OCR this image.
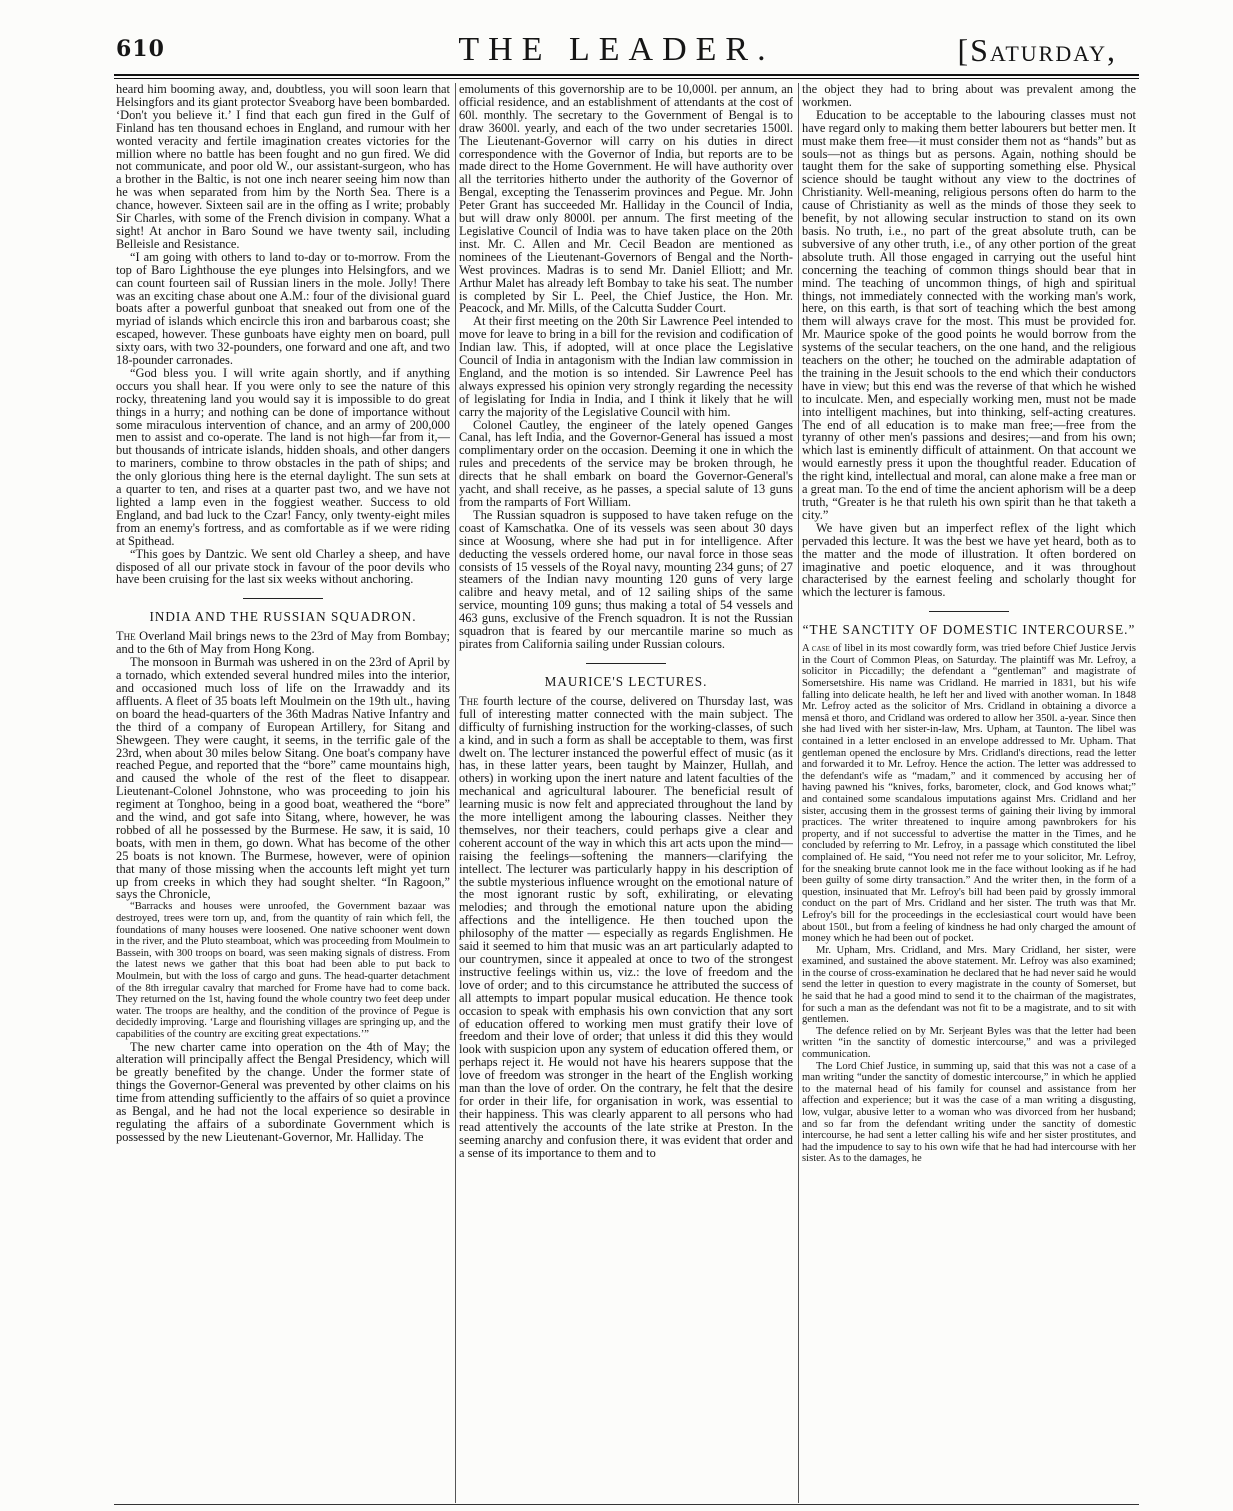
610	THE LEADER.	[Saturday,

heard him booming away, and, doubtless, you will soon learn that Helsingfors and its giant protector Sveaborg have been bombarded. ‘Don't you believe it.’ I find that each gun fired in the Gulf of Finland has ten thousand echoes in England, and rumour with her wonted veracity and fertile imagination creates victories for the million where no battle has been fought and no gun fired. We did not communicate, and poor old W., our assistant-surgeon, who has a brother in the Baltic, is not one inch nearer seeing him now than he was when separated from him by the North Sea. There is a chance, however. Sixteen sail are in the offing as I write; probably Sir Charles, with some of the French division in company. What a sight! At anchor in Baro Sound we have twenty sail, including Belleisle and Resistance.

“I am going with others to land to-day or to-morrow. From the top of Baro Lighthouse the eye plunges into Helsingfors, and we can count fourteen sail of Russian liners in the mole. Jolly! There was an exciting chase about one A.M.: four of the divisional guard boats after a powerful gunboat that sneaked out from one of the myriad of islands which encircle this iron and barbarous coast; she escaped, however. These gunboats have eighty men on board, pull sixty oars, with two 32-pounders, one forward and one aft, and two 18-pounder carronades.

“God bless you. I will write again shortly, and if anything occurs you shall hear. If you were only to see the nature of this rocky, threatening land you would say it is impossible to do great things in a hurry; and nothing can be done of importance without some miraculous intervention of chance, and an army of 200,000 men to assist and co-operate. The land is not high—far from it,—but thousands of intricate islands, hidden shoals, and other dangers to mariners, combine to throw obstacles in the path of ships; and the only glorious thing here is the eternal daylight. The sun sets at a quarter to ten, and rises at a quarter past two, and we have not lighted a lamp even in the foggiest weather. Success to old England, and bad luck to the Czar! Fancy, only twenty-eight miles from an enemy's fortress, and as comfortable as if we were riding at Spithead.

“This goes by Dantzic. We sent old Charley a sheep, and have disposed of all our private stock in favour of the poor devils who have been cruising for the last six weeks without anchoring.

INDIA AND THE RUSSIAN SQUADRON.

The Overland Mail brings news to the 23rd of May from Bombay; and to the 6th of May from Hong Kong.

The monsoon in Burmah was ushered in on the 23rd of April by a tornado, which extended several hundred miles into the interior, and occasioned much loss of life on the Irrawaddy and its affluents. A fleet of 35 boats left Moulmein on the 19th ult., having on board the head-quarters of the 36th Madras Native Infantry and the third of a company of European Artillery, for Sitang and Shewgeen. They were caught, it seems, in the terrific gale of the 23rd, when about 30 miles below Sitang. One boat's company have reached Pegue, and reported that the “bore” came mountains high, and caused the whole of the rest of the fleet to disappear. Lieutenant-Colonel Johnstone, who was proceeding to join his regiment at Tonghoo, being in a good boat, weathered the “bore” and the wind, and got safe into Sitang, where, however, he was robbed of all he possessed by the Burmese. He saw, it is said, 10 boats, with men in them, go down. What has become of the other 25 boats is not known. The Burmese, however, were of opinion that many of those missing when the accounts left might yet turn up from creeks in which they had sought shelter. “In Ragoon,” says the Chronicle,

“Barracks and houses were unroofed, the Government bazaar was destroyed, trees were torn up, and, from the quantity of rain which fell, the foundations of many houses were loosened. One native schooner went down in the river, and the Pluto steamboat, which was proceeding from Moulmein to Bassein, with 300 troops on board, was seen making signals of distress. From the latest news we gather that this boat had been able to put back to Moulmein, but with the loss of cargo and guns. The head-quarter detachment of the 8th irregular cavalry that marched for Frome have had to come back. They returned on the 1st, having found the whole country two feet deep under water. The troops are healthy, and the condition of the province of Pegue is decidedly improving. ‘Large and flourishing villages are springing up, and the capabilities of the country are exciting great expectations.’”

The new charter came into operation on the 4th of May; the alteration will principally affect the Bengal Presidency, which will be greatly benefited by the change. Under the former state of things the Governor-General was prevented by other claims on his time from attending sufficiently to the affairs of so quiet a province as Bengal, and he had not the local experience so desirable in regulating the affairs of a subordinate Government which is possessed by the new Lieutenant-Governor, Mr. Halliday. The

emoluments of this governorship are to be 10,000l. per annum, an official residence, and an establishment of attendants at the cost of 60l. monthly. The secretary to the Government of Bengal is to draw 3600l. yearly, and each of the two under secretaries 1500l. The Lieutenant-Governor will carry on his duties in direct correspondence with the Governor of India, but reports are to be made direct to the Home Government. He will have authority over all the territories hitherto under the authority of the Governor of Bengal, excepting the Tenasserim provinces and Pegue. Mr. John Peter Grant has succeeded Mr. Halliday in the Council of India, but will draw only 8000l. per annum. The first meeting of the Legislative Council of India was to have taken place on the 20th inst. Mr. C. Allen and Mr. Cecil Beadon are mentioned as nominees of the Lieutenant-Governors of Bengal and the North-West provinces. Madras is to send Mr. Daniel Elliott; and Mr. Arthur Malet has already left Bombay to take his seat. The number is completed by Sir L. Peel, the Chief Justice, the Hon. Mr. Peacock, and Mr. Mills, of the Calcutta Sudder Court.

At their first meeting on the 20th Sir Lawrence Peel intended to move for leave to bring in a bill for the revision and codification of Indian law. This, if adopted, will at once place the Legislative Council of India in antagonism with the Indian law commission in England, and the motion is so intended. Sir Lawrence Peel has always expressed his opinion very strongly regarding the necessity of legislating for India in India, and I think it likely that he will carry the majority of the Legislative Council with him.

Colonel Cautley, the engineer of the lately opened Ganges Canal, has left India, and the Governor-General has issued a most complimentary order on the occasion. Deeming it one in which the rules and precedents of the service may be broken through, he directs that he shall embark on board the Governor-General's yacht, and shall receive, as he passes, a special salute of 13 guns from the ramparts of Fort William.

The Russian squadron is supposed to have taken refuge on the coast of Kamschatka. One of its vessels was seen about 30 days since at Woosung, where she had put in for intelligence. After deducting the vessels ordered home, our naval force in those seas consists of 15 vessels of the Royal navy, mounting 234 guns; of 27 steamers of the Indian navy mounting 120 guns of very large calibre and heavy metal, and of 12 sailing ships of the same service, mounting 109 guns; thus making a total of 54 vessels and 463 guns, exclusive of the French squadron. It is not the Russian squadron that is feared by our mercantile marine so much as pirates from California sailing under Russian colours.

MAURICE'S LECTURES.

The fourth lecture of the course, delivered on Thursday last, was full of interesting matter connected with the main subject. The difficulty of furnishing instruction for the working-classes, of such a kind, and in such a form as shall be acceptable to them, was first dwelt on. The lecturer instanced the powerful effect of music (as it has, in these latter years, been taught by Mainzer, Hullah, and others) in working upon the inert nature and latent faculties of the mechanical and agricultural labourer. The beneficial result of learning music is now felt and appreciated throughout the land by the more intelligent among the labouring classes. Neither they themselves, nor their teachers, could perhaps give a clear and coherent account of the way in which this art acts upon the mind—raising the feelings—softening the manners—clarifying the intellect. The lecturer was particularly happy in his description of the subtle mysterious influence wrought on the emotional nature of the most ignorant rustic by soft, exhilirating, or elevating melodies; and through the emotional nature upon the abiding affections and the intelligence. He then touched upon the philosophy of the matter — especially as regards Englishmen. He said it seemed to him that music was an art particularly adapted to our countrymen, since it appealed at once to two of the strongest instructive feelings within us, viz.: the love of freedom and the love of order; and to this circumstance he attributed the success of all attempts to impart popular musical education. He thence took occasion to speak with emphasis his own conviction that any sort of education offered to working men must gratify their love of freedom and their love of order; that unless it did this they would look with suspicion upon any system of education offered them, or perhaps reject it. He would not have his hearers suppose that the love of freedom was stronger in the heart of the English working man than the love of order. On the contrary, he felt that the desire for order in their life, for organisation in work, was essential to their happiness. This was clearly apparent to all persons who had read attentively the accounts of the late strike at Preston. In the seeming anarchy and confusion there, it was evident that order and a sense of its importance to them and to

the object they had to bring about was prevalent among the workmen.

Education to be acceptable to the labouring classes must not have regard only to making them better labourers but better men. It must make them free—it must consider them not as “hands” but as souls—not as things but as persons. Again, nothing should be taught them for the sake of supporting something else. Physical science should be taught without any view to the doctrines of Christianity. Well-meaning, religious persons often do harm to the cause of Christianity as well as the minds of those they seek to benefit, by not allowing secular instruction to stand on its own basis. No truth, i.e., no part of the great absolute truth, can be subversive of any other truth, i.e., of any other portion of the great absolute truth. All those engaged in carrying out the useful hint concerning the teaching of common things should bear that in mind. The teaching of uncommon things, of high and spiritual things, not immediately connected with the working man's work, here, on this earth, is that sort of teaching which the best among them will always crave for the most. This must be provided for. Mr. Maurice spoke of the good points he would borrow from the systems of the secular teachers, on the one hand, and the religious teachers on the other; he touched on the admirable adaptation of the training in the Jesuit schools to the end which their conductors have in view; but this end was the reverse of that which he wished to inculcate. Men, and especially working men, must not be made into intelligent machines, but into thinking, self-acting creatures. The end of all education is to make man free;—free from the tyranny of other men's passions and desires;—and from his own; which last is eminently difficult of attainment. On that account we would earnestly press it upon the thoughtful reader. Education of the right kind, intellectual and moral, can alone make a free man or a great man. To the end of time the ancient aphorism will be a deep truth, “Greater is he that ruleth his own spirit than he that taketh a city.”

We have given but an imperfect reflex of the light which pervaded this lecture. It was the best we have yet heard, both as to the matter and the mode of illustration. It often bordered on imaginative and poetic eloquence, and it was throughout characterised by the earnest feeling and scholarly thought for which the lecturer is famous.

“THE SANCTITY OF DOMESTIC INTERCOURSE.”

A case of libel in its most cowardly form, was tried before Chief Justice Jervis in the Court of Common Pleas, on Saturday. The plaintiff was Mr. Lefroy, a solicitor in Piccadilly; the defendant a “gentleman” and magistrate of Somersetshire. His name was Cridland. He married in 1831, but his wife falling into delicate health, he left her and lived with another woman. In 1848 Mr. Lefroy acted as the solicitor of Mrs. Cridland in obtaining a divorce a mensâ et thoro, and Cridland was ordered to allow her 350l. a-year. Since then she had lived with her sister-in-law, Mrs. Upham, at Taunton. The libel was contained in a letter enclosed in an envelope addressed to Mr. Upham. That gentleman opened the enclosure by Mrs. Cridland's directions, read the letter and forwarded it to Mr. Lefroy. Hence the action. The letter was addressed to the defendant's wife as “madam,” and it commenced by accusing her of having pawned his “knives, forks, barometer, clock, and God knows what;” and contained some scandalous imputations against Mrs. Cridland and her sister, accusing them in the grossest terms of gaining their living by immoral practices. The writer threatened to inquire among pawnbrokers for his property, and if not successful to advertise the matter in the Times, and he concluded by referring to Mr. Lefroy, in a passage which constituted the libel complained of. He said, “You need not refer me to your solicitor, Mr. Lefroy, for the sneaking brute cannot look me in the face without looking as if he had been guilty of some dirty transaction.” And the writer then, in the form of a question, insinuated that Mr. Lefroy's bill had been paid by grossly immoral conduct on the part of Mrs. Cridland and her sister. The truth was that Mr. Lefroy's bill for the proceedings in the ecclesiastical court would have been about 150l., but from a feeling of kindness he had only charged the amount of money which he had been out of pocket.

Mr. Upham, Mrs. Cridland, and Mrs. Mary Cridland, her sister, were examined, and sustained the above statement. Mr. Lefroy was also examined; in the course of cross-examination he declared that he had never said he would send the letter in question to every magistrate in the county of Somerset, but he said that he had a good mind to send it to the chairman of the magistrates, for such a man as the defendant was not fit to be a magistrate, and to sit with gentlemen.

The defence relied on by Mr. Serjeant Byles was that the letter had been written “in the sanctity of domestic intercourse,” and was a privileged communication.

The Lord Chief Justice, in summing up, said that this was not a case of a man writing “under the sanctity of domestic intercourse,” in which he applied to the maternal head of his family for counsel and assistance from her affection and experience; but it was the case of a man writing a disgusting, low, vulgar, abusive letter to a woman who was divorced from her husband; and so far from the defendant writing under the sanctity of domestic intercourse, he had sent a letter calling his wife and her sister prostitutes, and had the impudence to say to his own wife that he had had intercourse with her sister. As to the damages, he
